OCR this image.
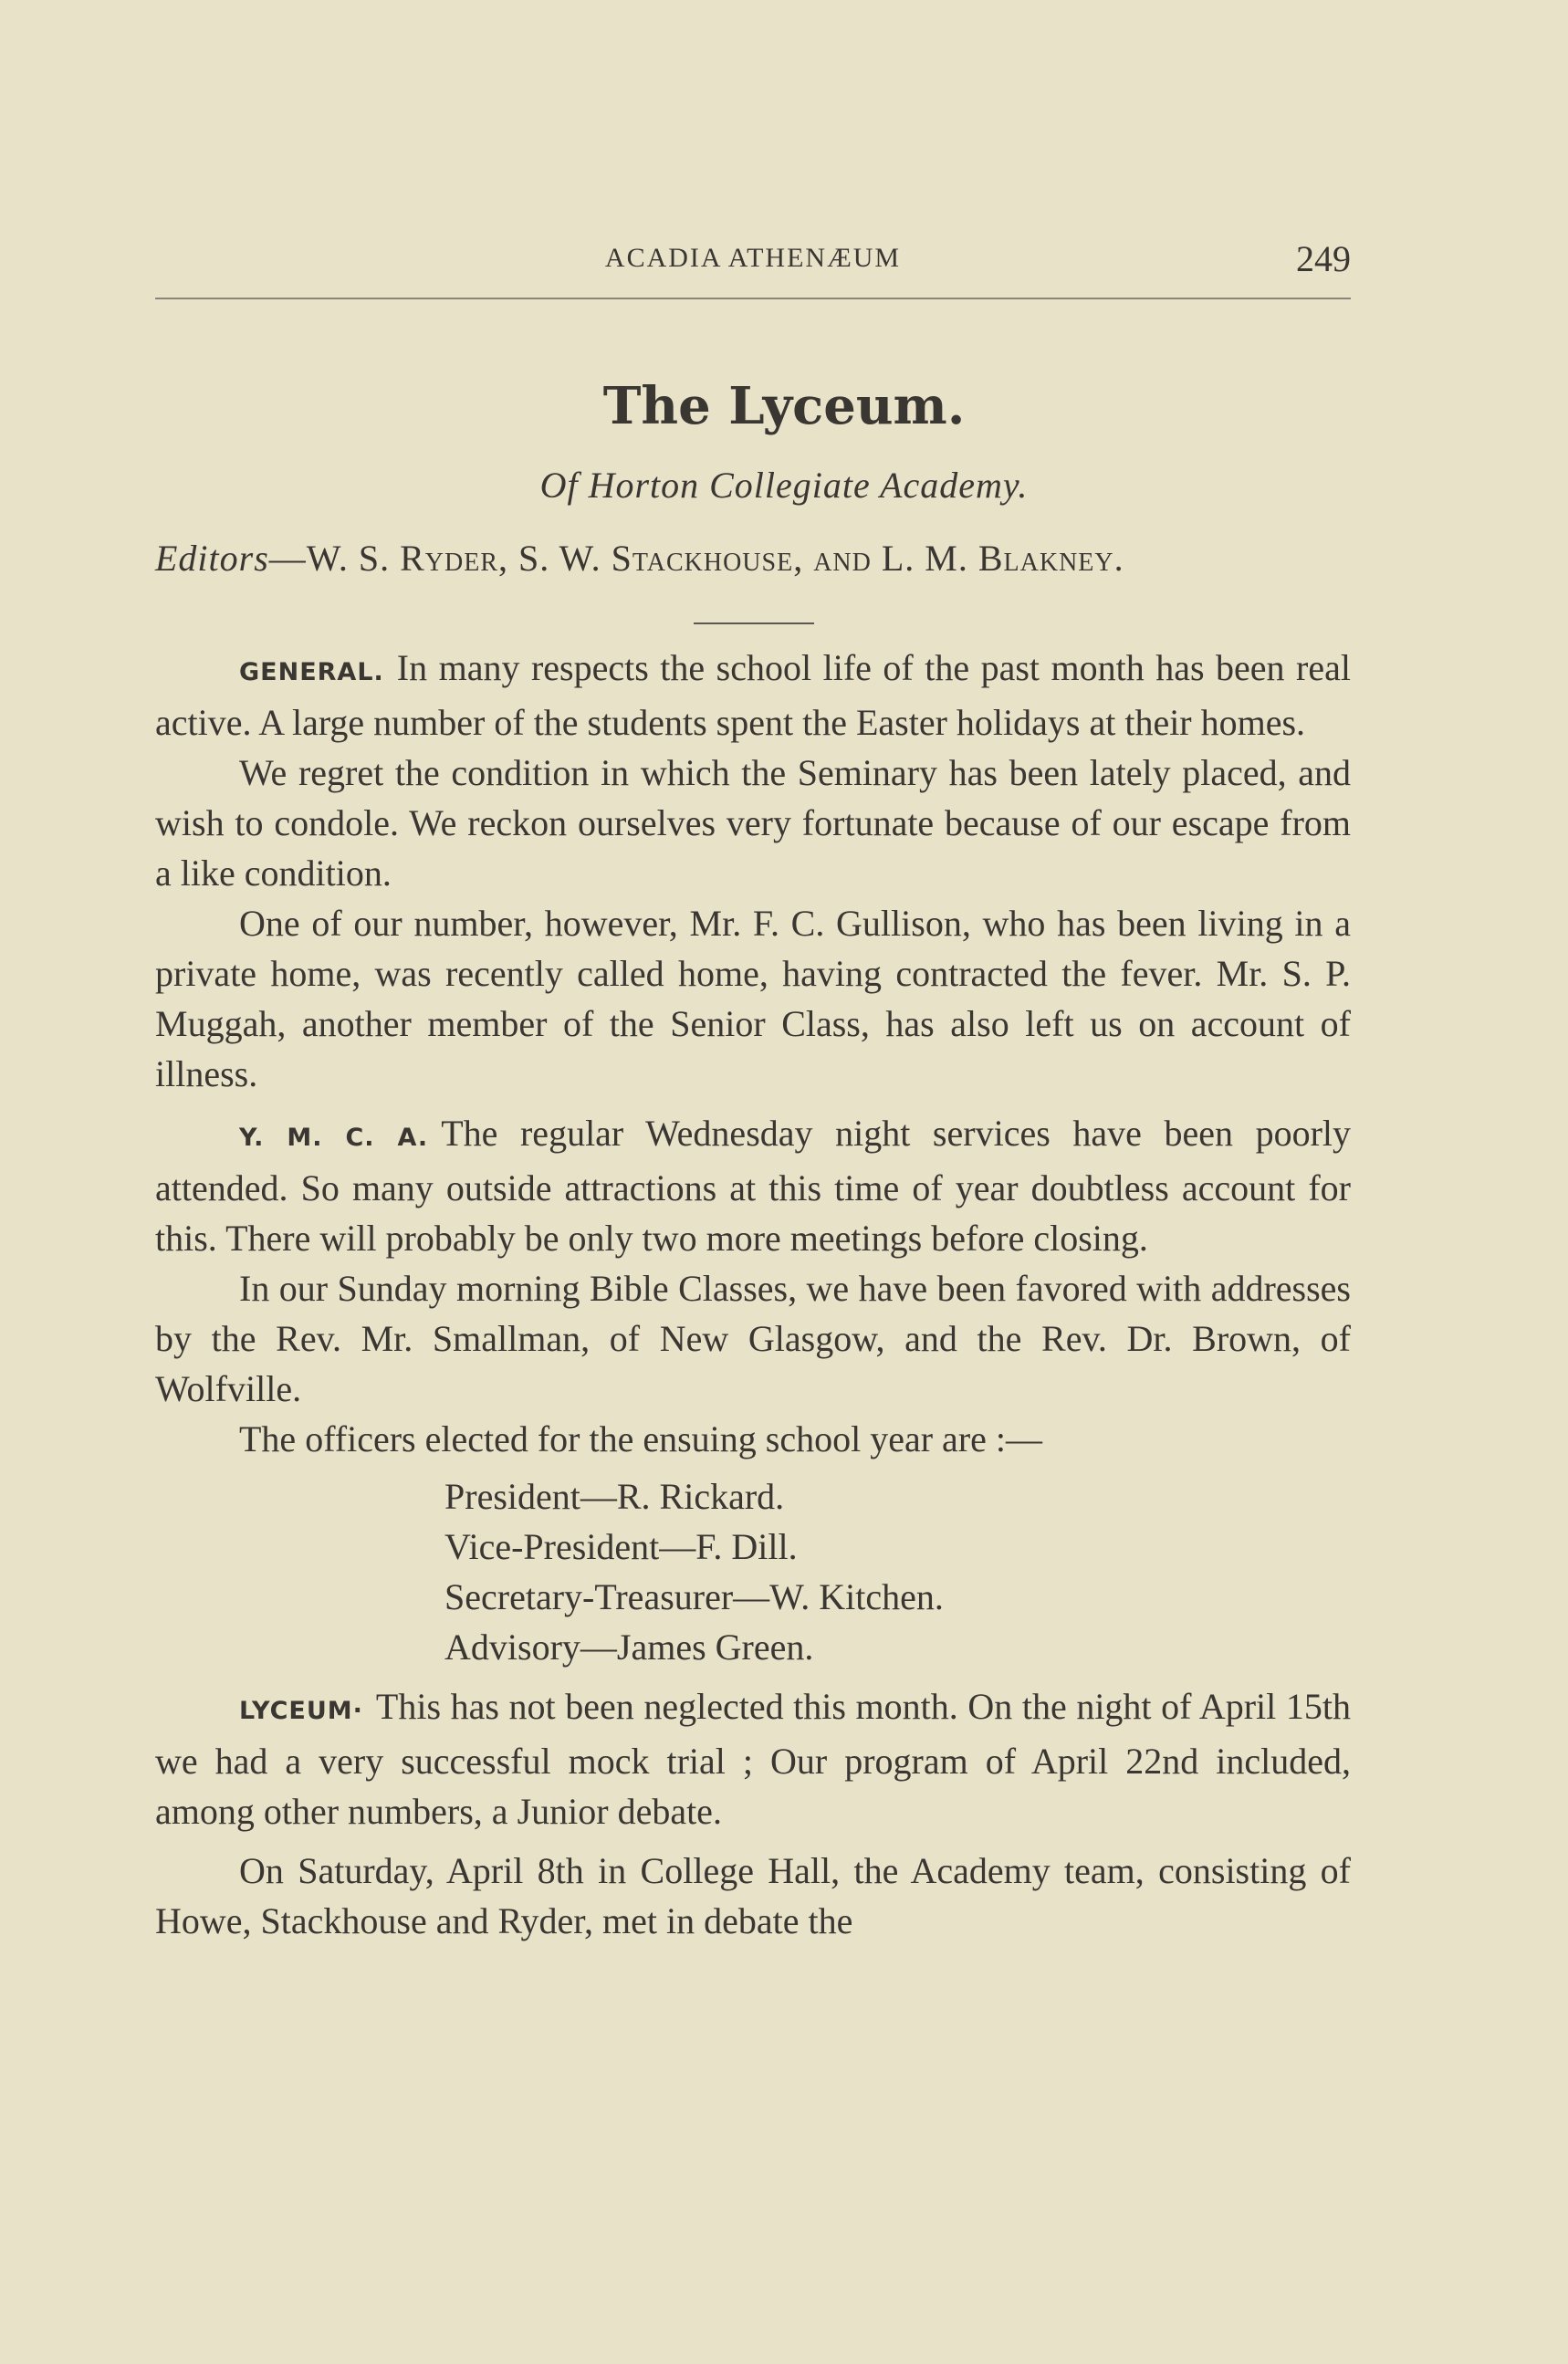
ACADIA ATHENÆUM	249
The Lyceum.
Of Horton Collegiate Academy.
Editors—W. S. Ryder, S. W. Stackhouse, and L. M. Blakney.

GENERAL. In many respects the school life of the past month has been real active. A large number of the students spent the Easter holidays at their homes.

We regret the condition in which the Seminary has been lately placed, and wish to condole. We reckon ourselves very fortunate because of our escape from a like condition.

One of our number, however, Mr. F. C. Gullison, who has been living in a private home, was recently called home, having contracted the fever. Mr. S. P. Muggah, another member of the Senior Class, has also left us on account of illness.

Y. M. C. A. The regular Wednesday night services have been poorly attended. So many outside attractions at this time of year doubtless account for this. There will probably be only two more meetings before closing.

In our Sunday morning Bible Classes, we have been favored with addresses by the Rev. Mr. Smallman, of New Glasgow, and the Rev. Dr. Brown, of Wolfville.

The officers elected for the ensuing school year are :—

President—R. Rickard.
Vice-President—F. Dill.
Secretary-Treasurer—W. Kitchen.
Advisory—James Green.

LYCEUM· This has not been neglected this month. On the night of April 15th we had a very successful mock trial ; Our program of April 22nd included, among other numbers, a Junior debate.

On Saturday, April 8th in College Hall, the Academy team, consisting of Howe, Stackhouse and Ryder, met in debate the
